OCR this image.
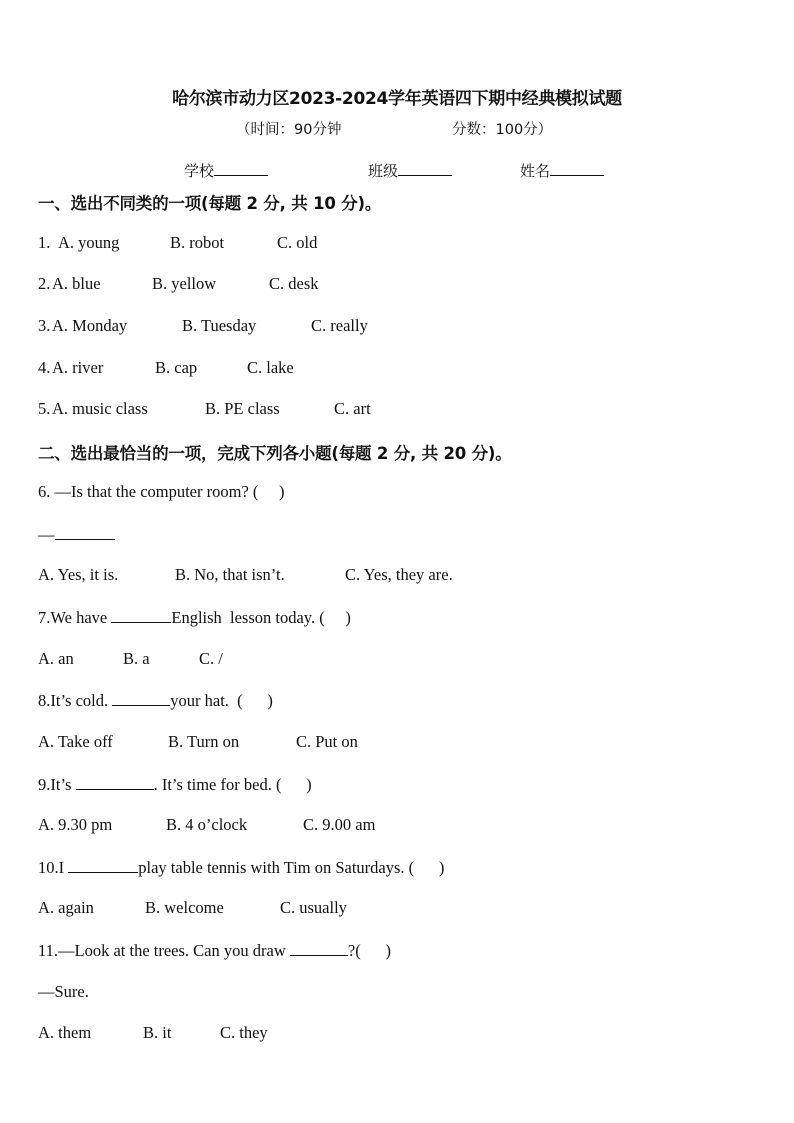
哈尔滨市动力区2023-2024学年英语四下期中经典模拟试题
（时间：90分钟	分数：100分）
学校	班级	姓名
一、选出不同类的一项(每题 2 分, 共 10 分)。
1. A. young	B. robot	C. old
2. A. blue	B. yellow	C. desk
3. A. Monday	B. Tuesday	C. really
4. A. river	B. cap	C. lake
5. A. music class	B. PE class	C. art
二、选出最恰当的一项，完成下列各小题(每题 2 分, 共 20 分)。
6. —Is that the computer room? (     )
—
A. Yes, it is.	B. No, that isn’t.	C. Yes, they are.
7.We have	English  lesson today. (     )
A. an	B. a	C. /
8.It’s cold.	your hat.  (      )
A. Take off	B. Turn on	C. Put on
9.It’s	. It’s time for bed. (      )
A. 9.30 pm	B. 4 o’clock	C. 9.00 am
10.I	play table tennis with Tim on Saturdays. (      )
A. again	B. welcome	C. usually
11.—Look at the trees. Can you draw	?(      )
—Sure.
A. them	B. it	C. they
